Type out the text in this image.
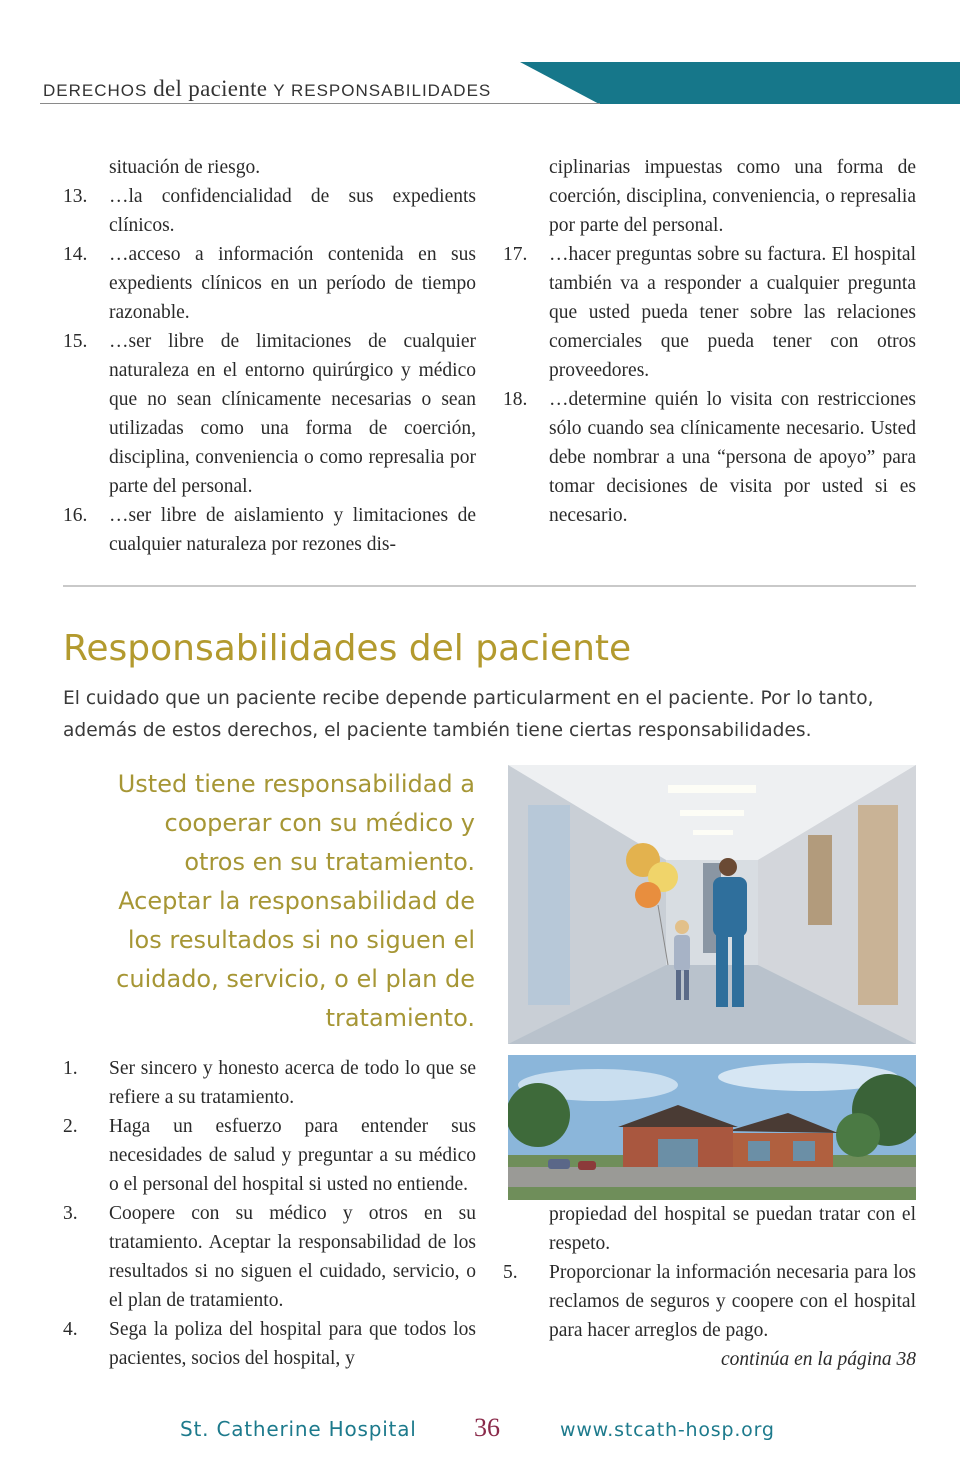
DERECHOS del paciente Y RESPONSABILIDADES
situación de riesgo.
13. …la confidencialidad de sus expedients clínicos.
14. …acceso a información contenida en sus expedients clínicos en un período de tiempo razonable.
15. …ser libre de limitaciones de cualquier naturaleza en el entorno quirúrgico y médico que no sean clínicamente necesarias o sean utilizadas como una forma de coerción, disciplina, conveniencia o como represalia por parte del personal.
16. …ser libre de aislamiento y limitaciones de cualquier naturaleza por rezones dis-
ciplinarias impuestas como una forma de coerción, disciplina, conveniencia, o represalia por parte del personal.
17. …hacer preguntas sobre su factura. El hospital también va a responder a cualquier pregunta que usted pueda tener sobre las relaciones comerciales que pueda tener con otros proveedores.
18. …determine quién lo visita con restricciones sólo cuando sea clínicamente necesario. Usted debe nombrar a una “persona de apoyo” para tomar decisiones de visita por usted si es necesario.
Responsabilidades del paciente
El cuidado que un paciente recibe depende particularment en el paciente. Por lo tanto, además de estos derechos, el paciente también tiene ciertas responsabilidades.
Usted tiene responsabilidad a cooperar con su médico y otros en su tratamiento. Aceptar la responsabilidad de los resultados si no siguen el cuidado, servicio, o el plan de tratamiento.
1. Ser sincero y honesto acerca de todo lo que se refiere a su tratamiento.
2. Haga un esfuerzo para entender sus necesidades de salud y preguntar a su médico o el personal del hospital si usted no entiende.
3. Coopere con su médico y otros en su tratamiento. Aceptar la responsabilidad de los resultados si no siguen el cuidado, servicio, o el plan de tratamiento.
4. Sega la poliza del hospital para que todos los pacientes, socios del hospital, y
propiedad del hospital se puedan tratar con el respeto.
5. Proporcionar la información necesaria para los reclamos de seguros y coopere con el hospital para hacer arreglos de pago.
continúa en la página 38
St. Catherine Hospital 36	www.stcath-hosp.org
